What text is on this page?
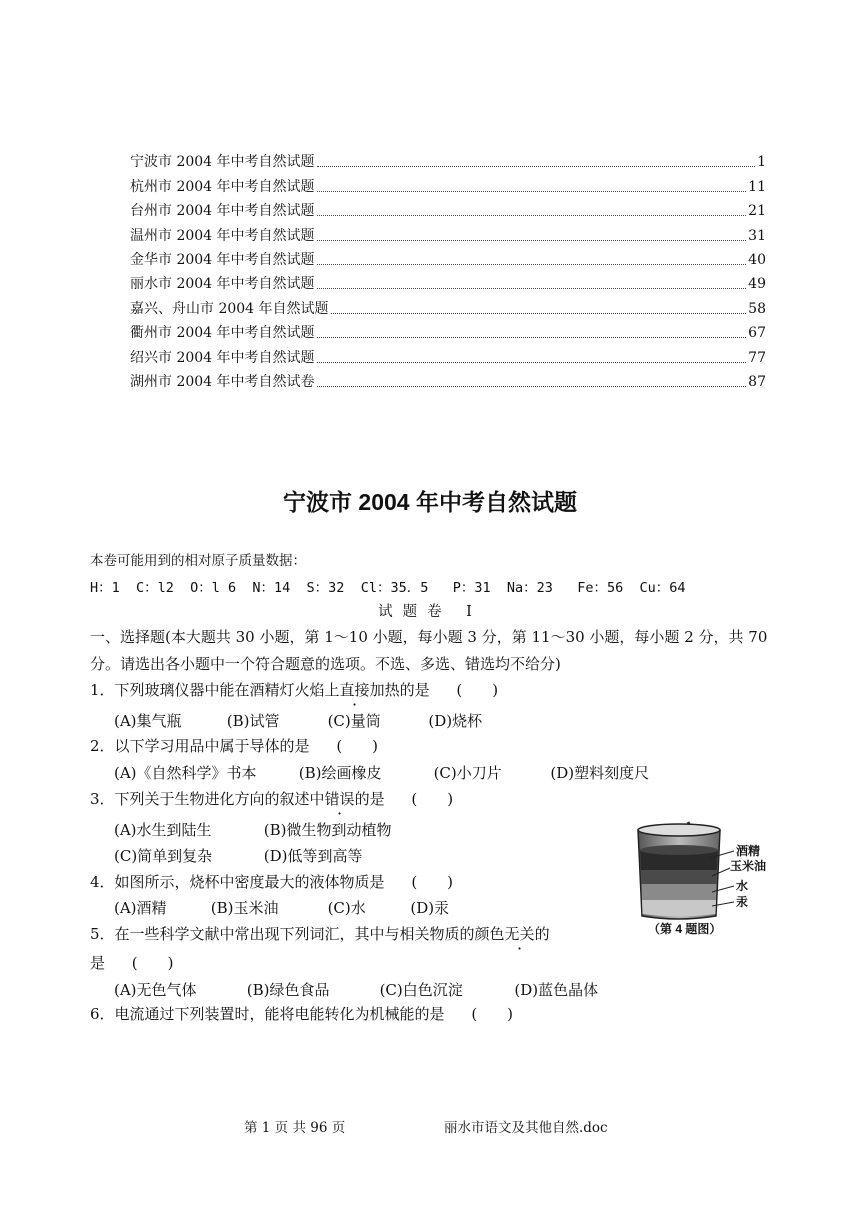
宁波市 2004 年中考自然试题	1
杭州市 2004 年中考自然试题	11
台州市 2004 年中考自然试题	21
温州市 2004 年中考自然试题	31
金华市 2004 年中考自然试题	40
丽水市 2004 年中考自然试题	49
嘉兴、舟山市 2004 年自然试题	58
衢州市 2004 年中考自然试题	67
绍兴市 2004 年中考自然试题	77
湖州市 2004 年中考自然试卷	87
宁波市 2004 年中考自然试题
本卷可能用到的相对原子质量数据：
H：1  C：l2  O：l 6  N：14  S：32  Cl：35．5   P：31  Na：23   Fe：56  Cu：64
试题卷 I
一、选择题(本大题共 30 小题，第 1～10 小题，每小题 3 分，第 11～30 小题，每小题 2 分，共 70 分。请选出各小题中一个符合题意的选项。不选、多选、错选均不给分)
1．下列玻璃仪器中能在酒精灯火焰上直接加热的是 (　　)
(A)集气瓶	(B)试管	(C)量筒	(D)烧杯
2．以下学习用品中属于导体的是 (　　)
(A)《自然科学》书本	(B)绘画橡皮	(C)小刀片	(D)塑料刻度尺
3．下列关于生物进化方向的叙述中错误的是 (　　)
(A)水生到陆生	(B)微生物到动植物
(C)简单到复杂	(D)低等到高等
4．如图所示，烧杯中密度最大的液体物质是 (　　)
(A)酒精	(B)玉米油	(C)水	(D)汞
5．在一些科学文献中常出现下列词汇，其中与相关物质的颜色无关的
是 (　　)
(A)无色气体	(B)绿色食品	(C)白色沉淀	(D)蓝色晶体
6．电流通过下列装置时，能将电能转化为机械能的是 (　　)
酒精
玉米油
水
汞
（第 4 题图）
第 1 页 共 96 页	丽水市语文及其他自然.doc
